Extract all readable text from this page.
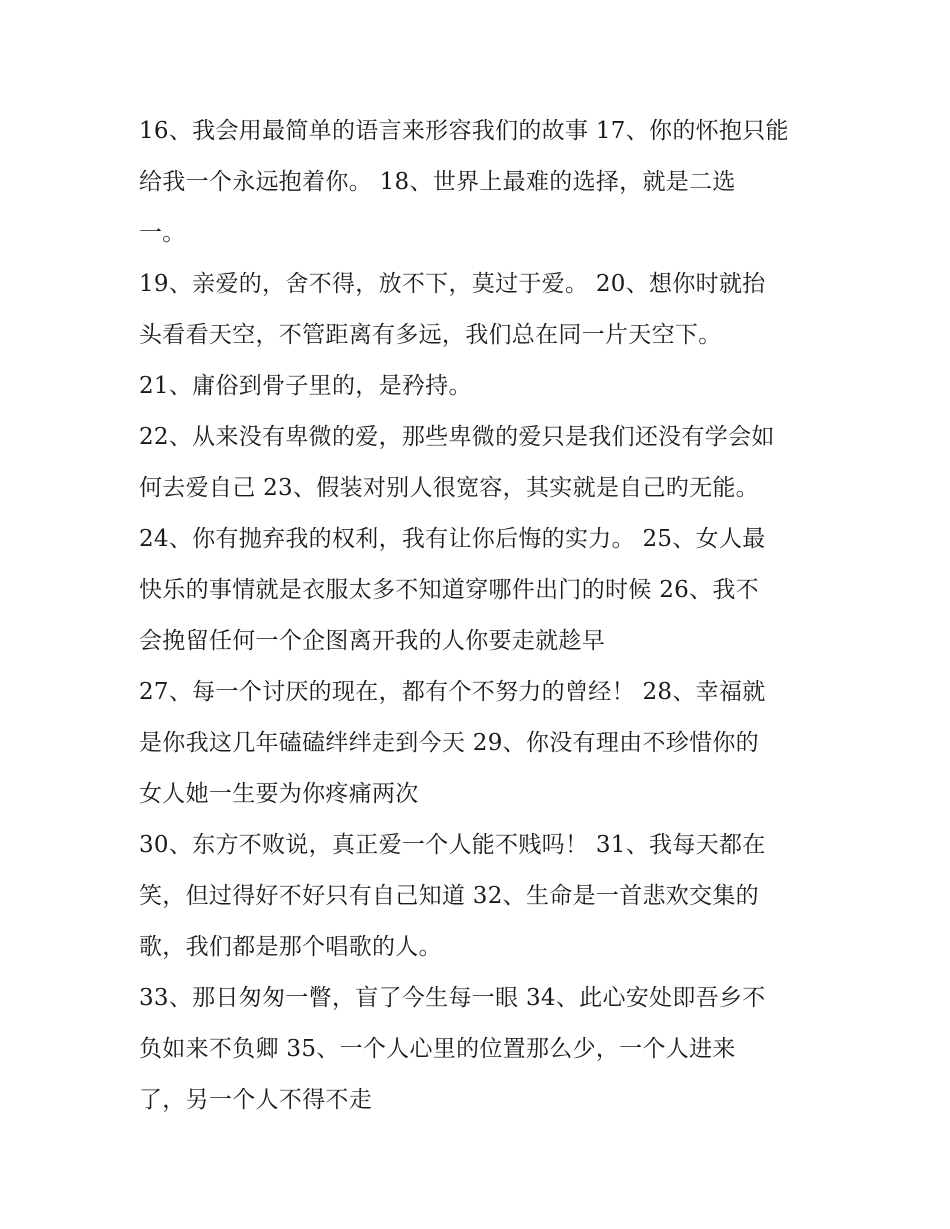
16、我会用最简单的语言来形容我们的故事 17、你的怀抱只能
给我一个永远抱着你。 18、世界上最难的选择，就是二选
一。
19、亲爱的，舍不得，放不下，莫过于爱。 20、想你时就抬
头看看天空，不管距离有多远，我们总在同一片天空下。
21、庸俗到骨子里的，是矜持。
22、从来没有卑微的爱，那些卑微的爱只是我们还没有学会如
何去爱自己 23、假装对别人很宽容，其实就是自己旳无能。
24、你有抛弃我的权利，我有让你后悔的实力。 25、女人最
快乐的事情就是衣服太多不知道穿哪件出门的时候 26、我不
会挽留任何一个企图离开我的人你要走就趁早
27、每一个讨厌的现在，都有个不努力的曾经！ 28、幸福就
是你我这几年磕磕绊绊走到今天 29、你没有理由不珍惜你的
女人她一生要为你疼痛两次
30、东方不败说，真正爱一个人能不贱吗！ 31、我每天都在
笑，但过得好不好只有自己知道 32、生命是一首悲欢交集的
歌，我们都是那个唱歌的人。
33、那日匆匆一瞥，盲了今生每一眼 34、此心安处即吾乡不
负如来不负卿 35、一个人心里的位置那么少，一个人进来
了，另一个人不得不走
